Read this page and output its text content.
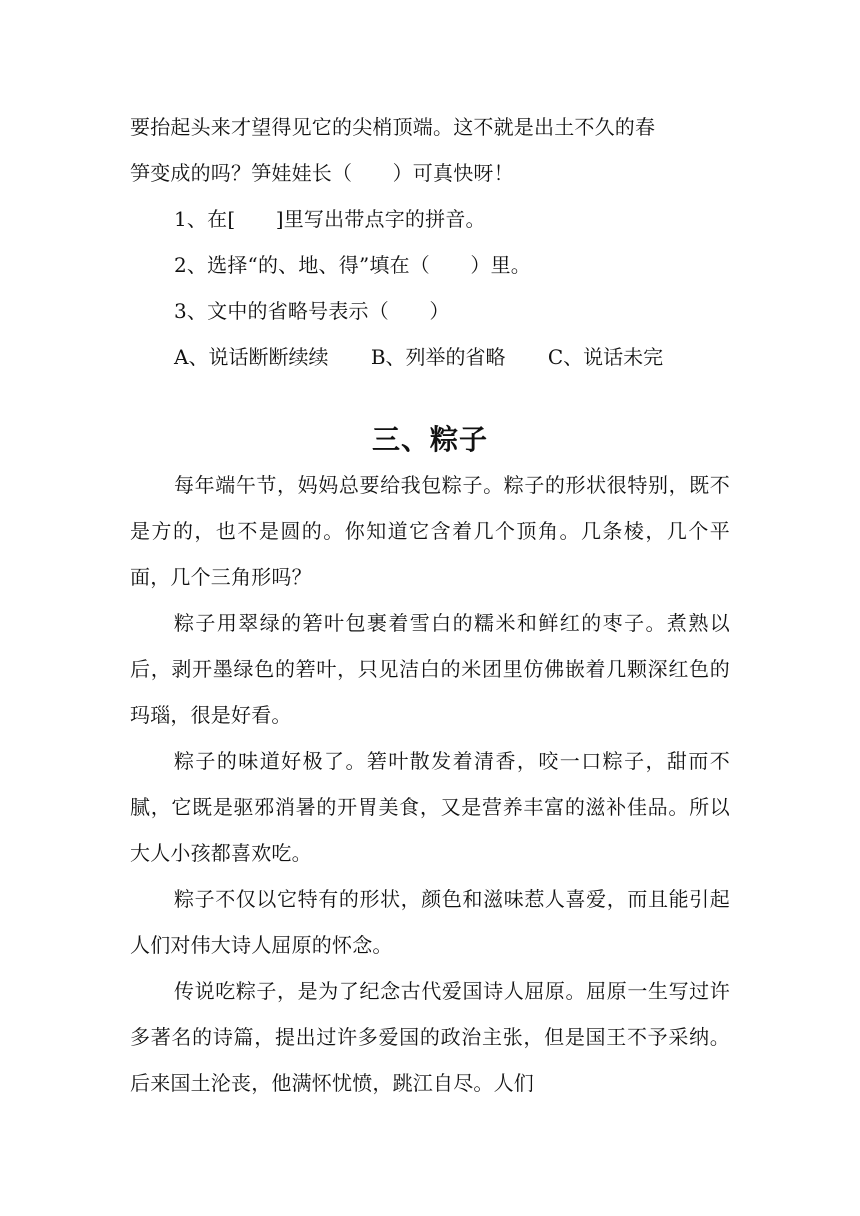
要抬起头来才望得见它的尖梢顶端。这不就是出土不久的春
笋变成的吗？笋娃娃长（　　）可真快呀！
1、在[　　]里写出带点字的拼音。
2、选择“的、地、得”填在（　　）里。
3、文中的省略号表示（　　）
A、说话断断续续 B、列举的省略 C、说话未完
三、粽子

每年端午节，妈妈总要给我包粽子。粽子的形状很特别，既不是方的，也不是圆的。你知道它含着几个顶角。几条棱，几个平面，几个三角形吗？

粽子用翠绿的箬叶包裹着雪白的糯米和鲜红的枣子。煮熟以后，剥开墨绿色的箬叶，只见洁白的米团里仿佛嵌着几颗深红色的玛瑙，很是好看。

粽子的味道好极了。箬叶散发着清香，咬一口粽子，甜而不腻，它既是驱邪消暑的开胃美食，又是营养丰富的滋补佳品。所以大人小孩都喜欢吃。

粽子不仅以它特有的形状，颜色和滋味惹人喜爱，而且能引起人们对伟大诗人屈原的怀念。

传说吃粽子，是为了纪念古代爱国诗人屈原。屈原一生写过许多著名的诗篇，提出过许多爱国的政治主张，但是国王不予采纳。后来国土沦丧，他满怀忧愤，跳江自尽。人们
